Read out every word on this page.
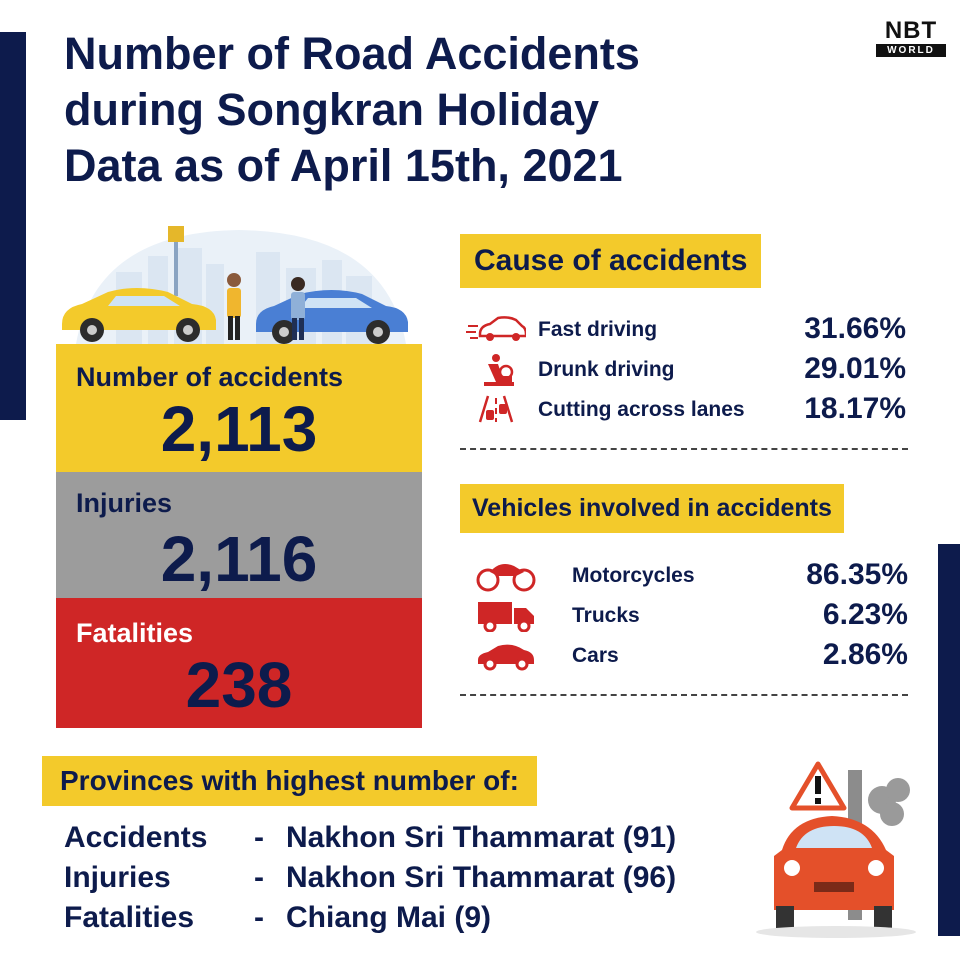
Number of Road Accidents
during Songkran Holiday
Data as of April 15th, 2021
NBT
WORLD
Number of accidents
2,113
Injuries
2,116
Fatalities
238
Cause of accidents
Fast driving	31.66%
Drunk driving	29.01%
Cutting across lanes 18.17%
Vehicles involved in accidents
Motorcycles	86.35%
Trucks	6.23%
Cars	2.86%
Provinces with highest number of:
Accidents - Nakhon Sri Thammarat (91)
Injuries	- Nakhon Sri Thammarat (96)
Fatalities - Chiang Mai (9)
